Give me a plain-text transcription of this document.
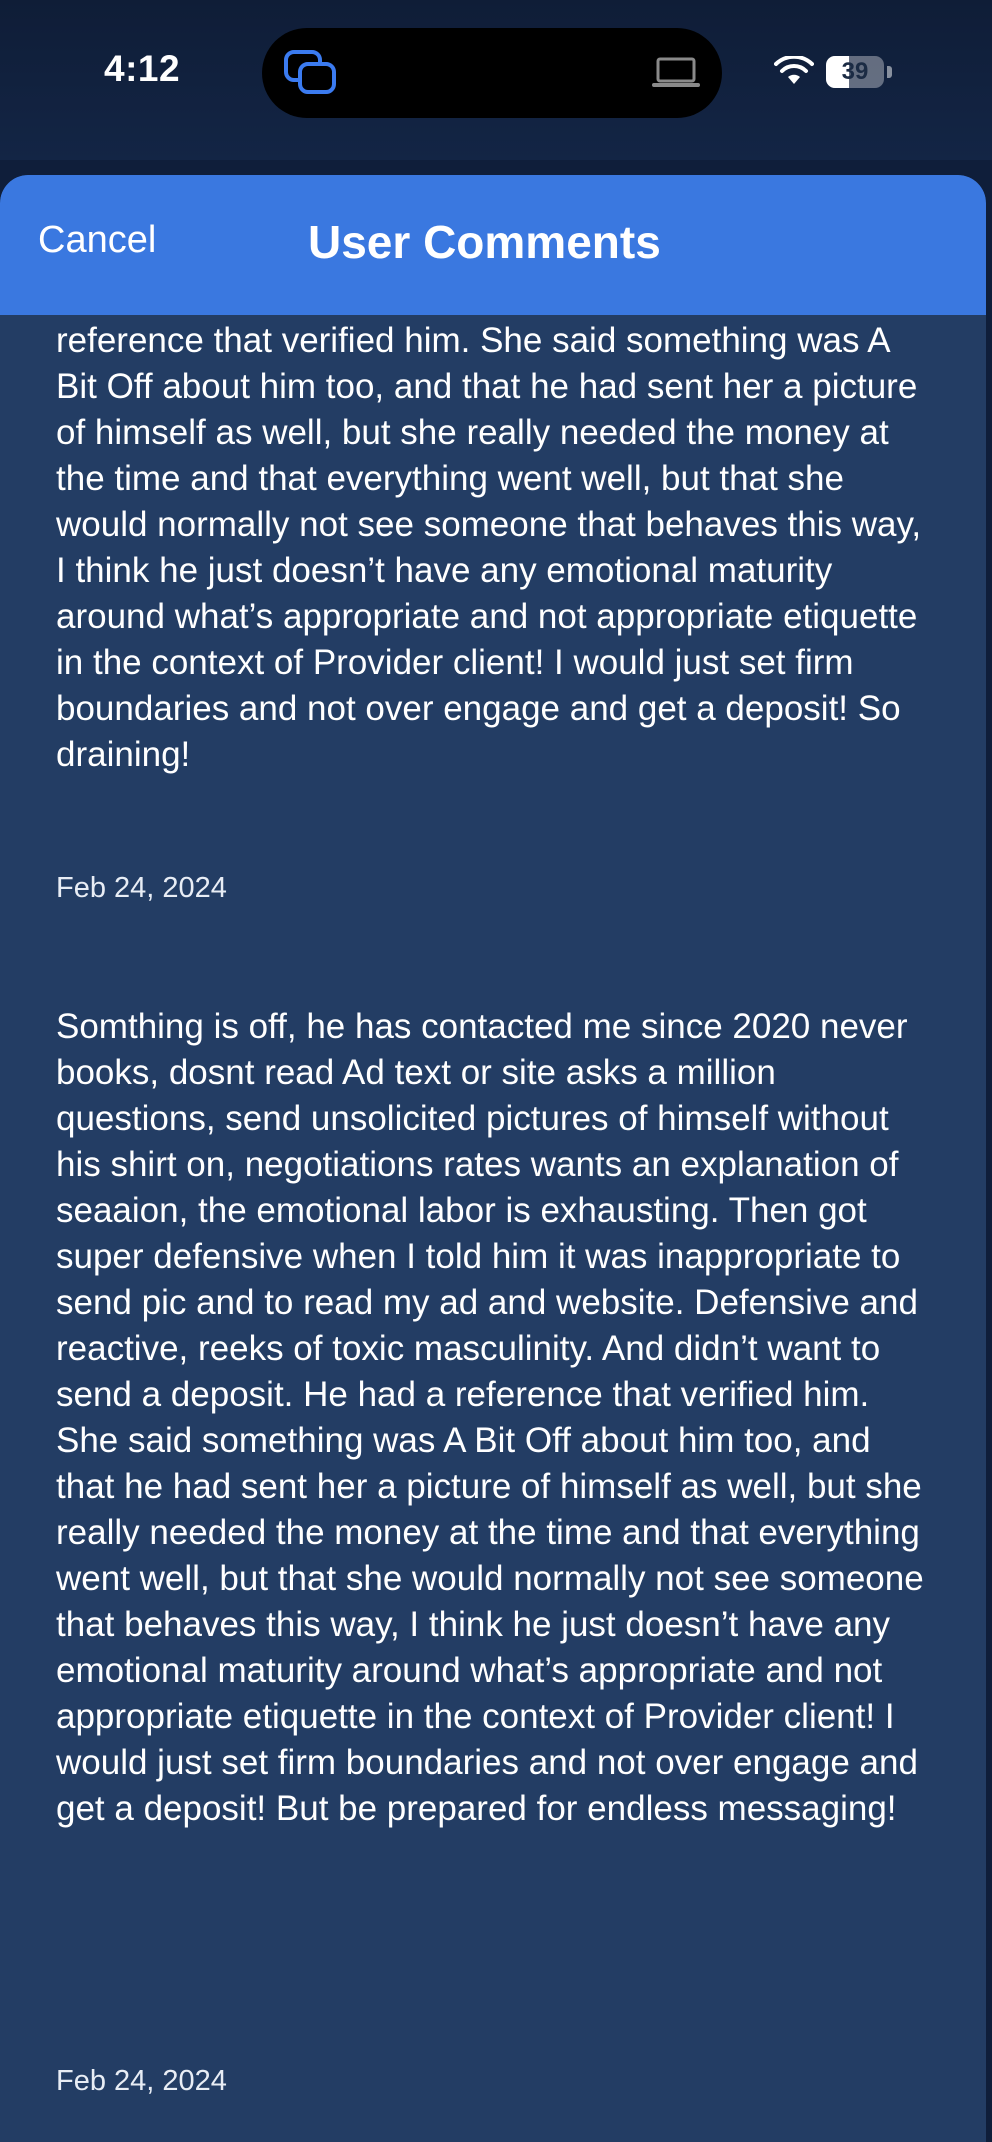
4:12	39

reference that verified him. She said something was A Bit Off about him too, and that he had sent her a picture of himself as well, but she really needed the money at the time and that everything went well, but that she would normally not see someone that behaves this way, I think he just doesn’t have any emotional maturity around what’s appropriate and not appropriate etiquette in the context of Provider client! I would just set firm boundaries and not over engage and get a deposit! So draining!

Feb 24, 2024

Somthing is off, he has contacted me since 2020 never books, dosnt read Ad text or site asks a million questions, send unsolicited pictures of himself without his shirt on, negotiations rates wants an explanation of seaaion, the emotional labor is exhausting. Then got super defensive when I told him it was inappropriate to send pic and to read my ad and website. Defensive and reactive, reeks of toxic masculinity. And didn’t want to send a deposit. He had a reference that verified him. She said something was A Bit Off about him too, and that he had sent her a picture of himself as well, but she really needed the money at the time and that everything went well, but that she would normally not see someone that behaves this way, I think he just doesn’t have any emotional maturity around what’s appropriate and not appropriate etiquette in the context of Provider client! I would just set firm boundaries and not over engage and get a deposit! But be prepared for endless messaging!

Feb 24, 2024
Cancel	User Comments
